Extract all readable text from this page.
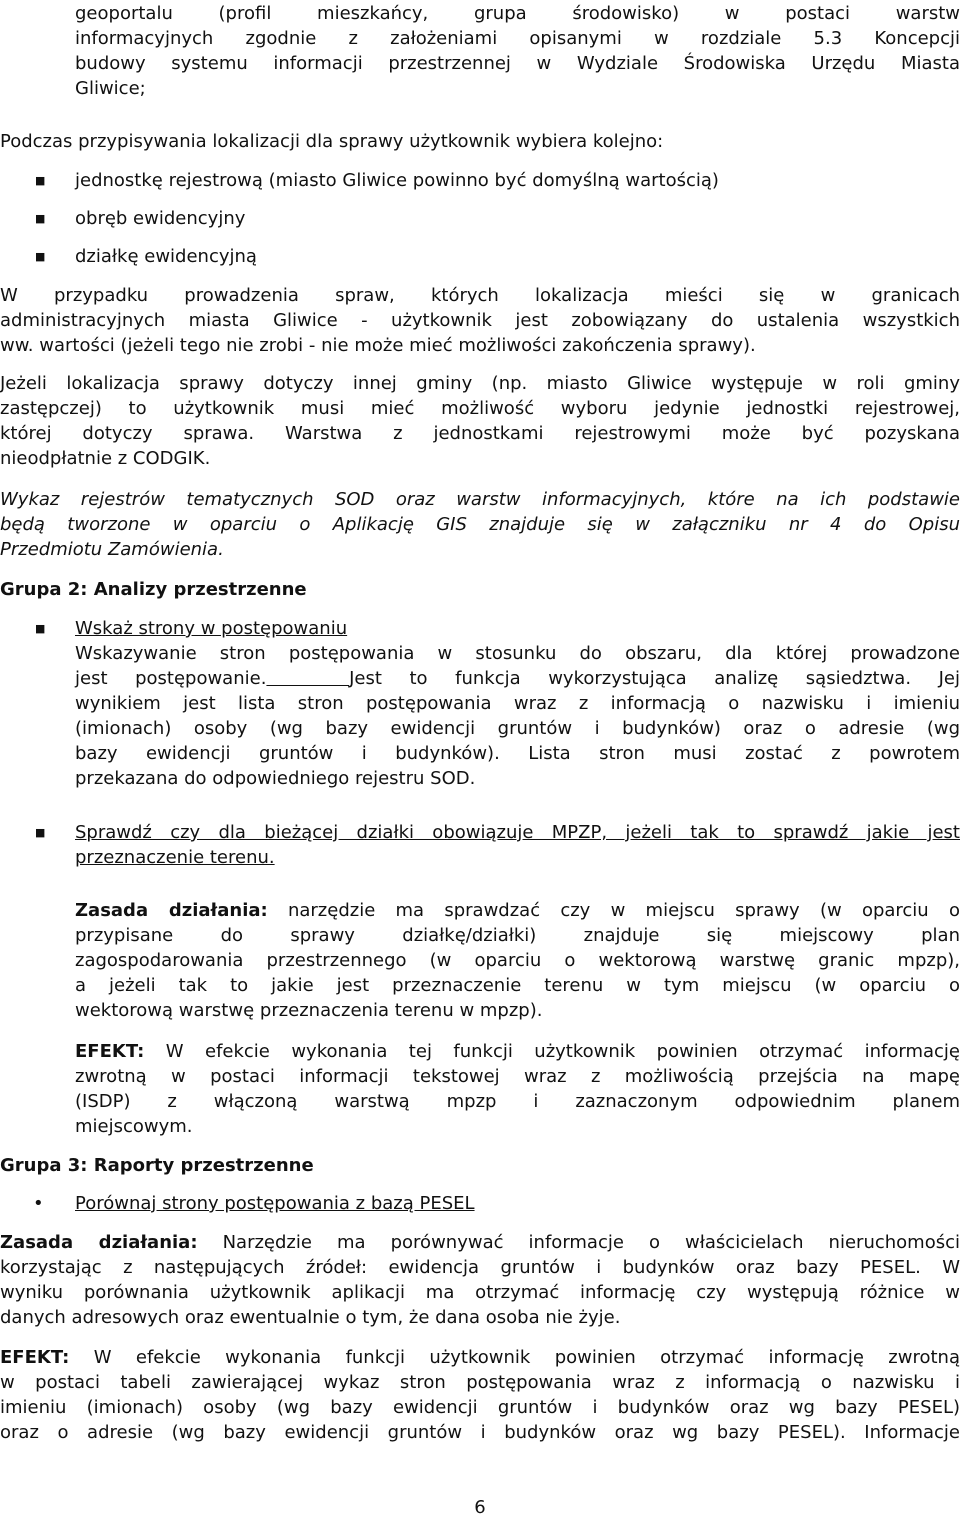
geoportalu (profil mieszkańcy, grupa środowisko) w postaci warstw
informacyjnych zgodnie z założeniami opisanymi w rozdziale 5.3 Koncepcji
budowy systemu informacji przestrzennej w Wydziale Środowiska Urzędu Miasta
Gliwice;
Podczas przypisywania lokalizacji dla sprawy użytkownik wybiera kolejno:
■ jednostkę rejestrową (miasto Gliwice powinno być domyślną wartością)
■ obręb ewidencyjny
■ działkę ewidencyjną
W przypadku prowadzenia spraw, których lokalizacja mieści się w granicach
administracyjnych miasta Gliwice - użytkownik jest zobowiązany do ustalenia wszystkich
ww. wartości (jeżeli tego nie zrobi - nie może mieć możliwości zakończenia sprawy).
Jeżeli lokalizacja sprawy dotyczy innej gminy (np. miasto Gliwice występuje w roli gminy
zastępczej) to użytkownik musi mieć możliwość wyboru jedynie jednostki rejestrowej,
której dotyczy sprawa. Warstwa z jednostkami rejestrowymi może być pozyskana
nieodpłatnie z CODGIK.
Wykaz rejestrów tematycznych SOD oraz warstw informacyjnych, które na ich podstawie
będą tworzone w oparciu o Aplikację GIS znajduje się w załączniku nr 4 do Opisu
Przedmiotu Zamówienia.
Grupa 2: Analizy przestrzenne
■ Wskaż strony w postępowaniu
Wskazywanie stron postępowania w stosunku do obszaru, dla której prowadzone
jest postępowanie.	Jest to funkcja wykorzystująca analizę sąsiedztwa. Jej
wynikiem jest lista stron postępowania wraz z informacją o nazwisku i imieniu
(imionach) osoby (wg bazy ewidencji gruntów i budynków) oraz o adresie (wg
bazy ewidencji gruntów i budynków). Lista stron musi zostać z powrotem
przekazana do odpowiedniego rejestru SOD.
■ Sprawdź czy dla bieżącej działki obowiązuje MPZP, jeżeli tak to sprawdź jakie jest
przeznaczenie terenu.
Zasada działania: narzędzie ma sprawdzać czy w miejscu sprawy (w oparciu o
przypisane do sprawy działkę/działki) znajduje się miejscowy plan
zagospodarowania przestrzennego (w oparciu o wektorową warstwę granic mpzp),
a jeżeli tak to jakie jest przeznaczenie terenu w tym miejscu (w oparciu o
wektorową warstwę przeznaczenia terenu w mpzp).
EFEKT: W efekcie wykonania tej funkcji użytkownik powinien otrzymać informację
zwrotną w postaci informacji tekstowej wraz z możliwością przejścia na mapę
(ISDP) z włączoną warstwą mpzp i zaznaczonym odpowiednim planem
miejscowym.
Grupa 3: Raporty przestrzenne
• Porównaj strony postępowania z bazą PESEL
Zasada działania: Narzędzie ma porównywać informacje o właścicielach nieruchomości
korzystając z następujących źródeł: ewidencja gruntów i budynków oraz bazy PESEL. W
wyniku porównania użytkownik aplikacji ma otrzymać informację czy występują różnice w
danych adresowych oraz ewentualnie o tym, że dana osoba nie żyje.
EFEKT: W efekcie wykonania funkcji użytkownik powinien otrzymać informację zwrotną
w postaci tabeli zawierającej wykaz stron postępowania wraz z informacją o nazwisku i
imieniu (imionach) osoby (wg bazy ewidencji gruntów i budynków oraz wg bazy PESEL)
oraz o adresie (wg bazy ewidencji gruntów i budynków oraz wg bazy PESEL). Informacje
6
